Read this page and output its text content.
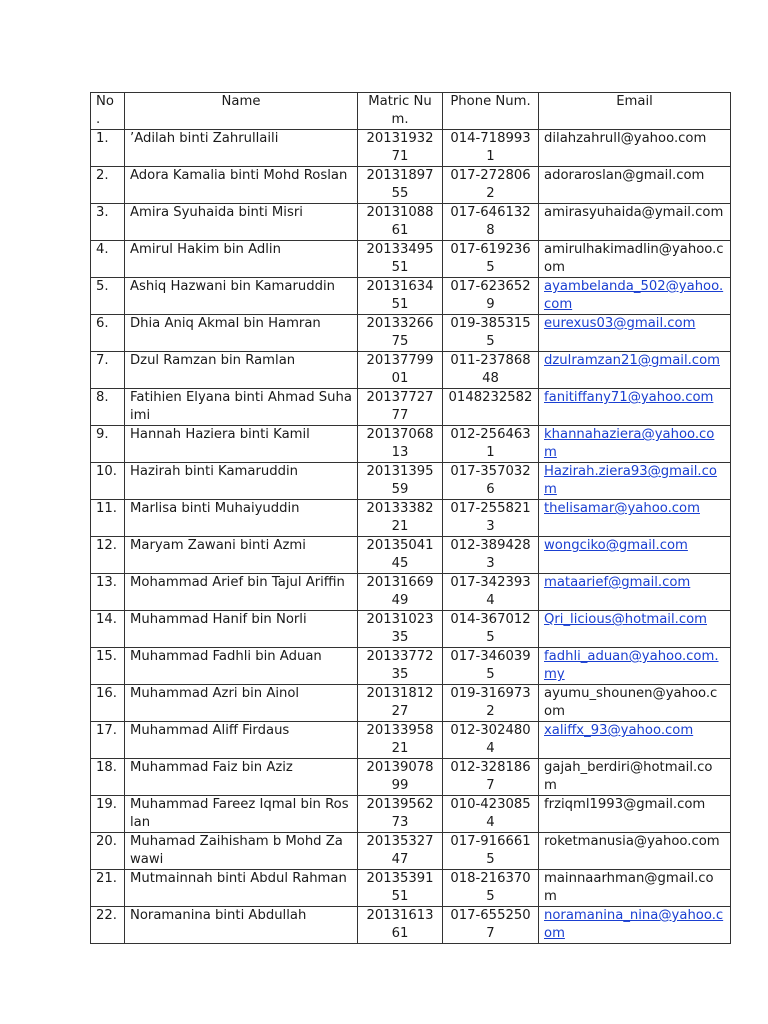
No .	Name	Matric Num.	Phone Num.	Email
1.	’Adilah binti Zahrullaili	2013193271	014-7189931	dilahzahrull@yahoo.com
2.	Adora Kamalia binti Mohd Roslan	2013189755	017-2728062	adoraroslan@gmail.com
3.	Amira Syuhaida binti Misri	2013108861	017-6461328	amirasyuhaida@ymail.com
4.	Amirul Hakim bin Adlin	2013349551	017-6192365	amirulhakimadlin@yahoo.com
5.	Ashiq Hazwani bin Kamaruddin	2013163451	017-6236529	ayambelanda_502@yahoo.com
6.	Dhia Aniq Akmal bin Hamran	2013326675	019-3853155	eurexus03@gmail.com
7.	Dzul Ramzan bin Ramlan	2013779901	011-23786848	dzulramzan21@gmail.com
8.	Fatihien Elyana binti Ahmad Suhaimi	2013772777	0148232582	fanitiffany71@yahoo.com
9.	Hannah Haziera binti Kamil	2013706813	012-2564631	khannahaziera@yahoo.com
10.	Hazirah binti Kamaruddin	2013139559	017-3570326	Hazirah.ziera93@gmail.com
11.	Marlisa binti Muhaiyuddin	2013338221	017-2558213	thelisamar@yahoo.com
12.	Maryam Zawani binti Azmi	2013504145	012-3894283	wongciko@gmail.com
13.	Mohammad Arief bin Tajul Ariffin	2013166949	017-3423934	mataarief@gmail.com
14.	Muhammad Hanif bin Norli	2013102335	014-3670125	Qri_licious@hotmail.com
15.	Muhammad Fadhli bin Aduan	2013377235	017-3460395	fadhli_aduan@yahoo.com.my
16.	Muhammad Azri bin Ainol	2013181227	019-3169732	ayumu_shounen@yahoo.com
17.	Muhammad Aliff Firdaus	2013395821	012-3024804	xaliffx_93@yahoo.com
18.	Muhammad Faiz bin Aziz	2013907899	012-3281867	gajah_berdiri@hotmail.com
19.	Muhammad Fareez Iqmal bin Roslan	2013956273	010-4230854	frziqml1993@gmail.com
20.	Muhamad Zaihisham b Mohd Zawawi	2013532747	017-9166615	roketmanusia@yahoo.com
21.	Mutmainnah binti Abdul Rahman	2013539151	018-2163705	mainnaarhman@gmail.com
22.	Noramanina binti Abdullah	2013161361	017-6552507	noramanina_nina@yahoo.com
